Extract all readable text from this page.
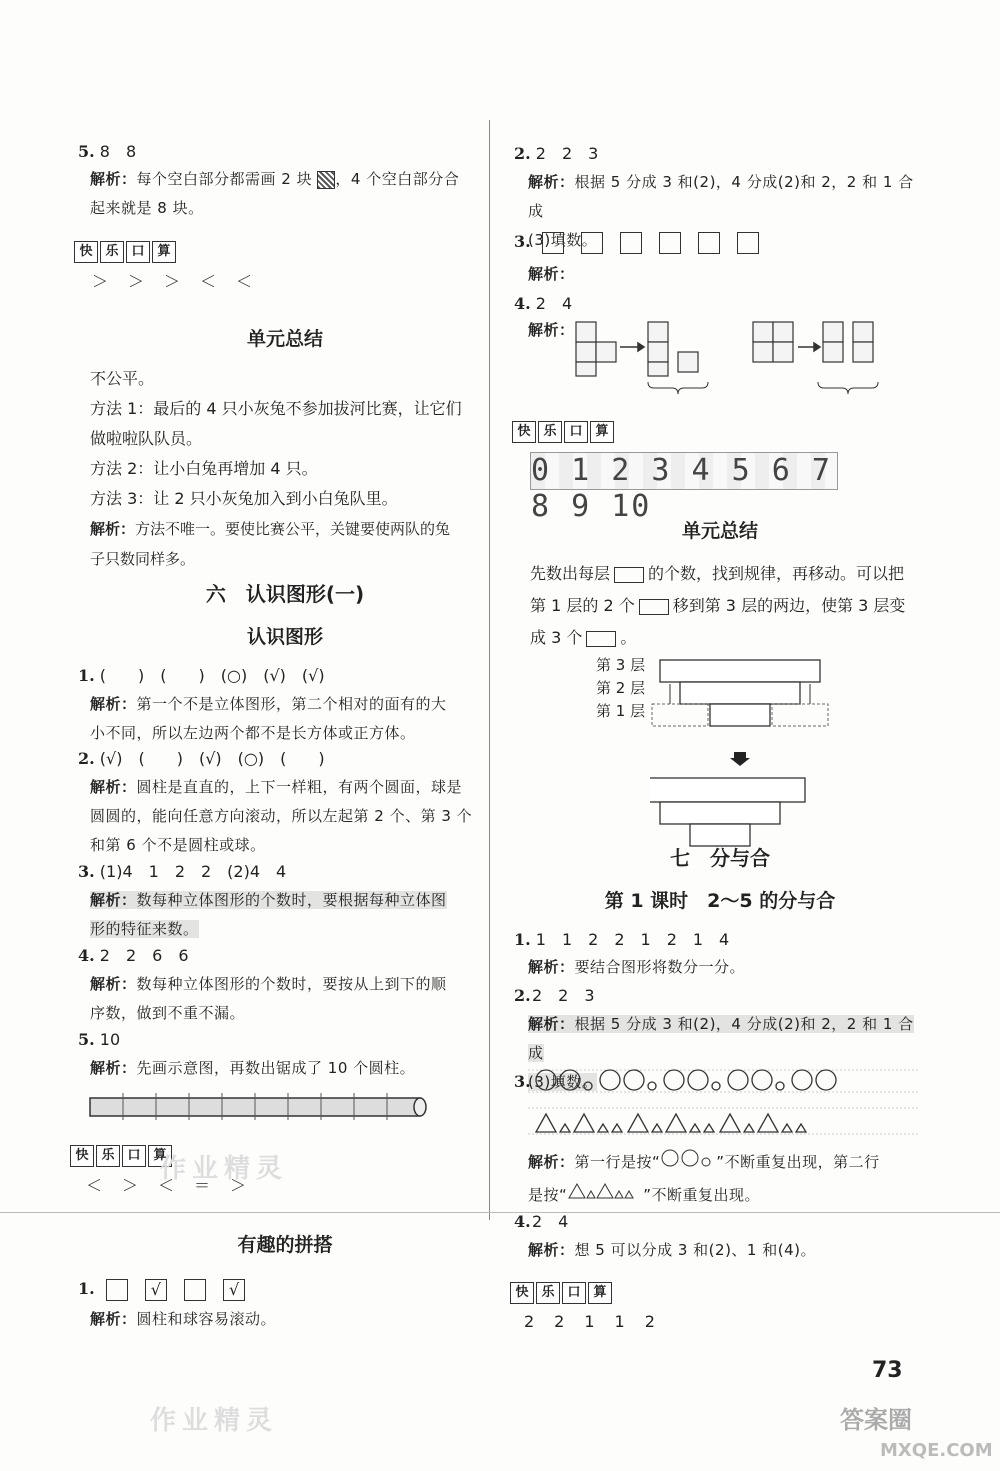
5. 8　8
解析：每个空白部分都需画 2 块 ，4 个空白部分合
起来就是 8 块。
快 乐 口 算
＞　＞　＞　＜　＜
单元总结
不公平。
方法 1：最后的 4 只小灰兔不参加拔河比赛，让它们
做啦啦队队员。
方法 2：让小白兔再增加 4 只。
方法 3：让 2 只小灰兔加入到小白兔队里。
解析：方法不唯一。要使比赛公平，关键要使两队的兔
子只数同样多。
六　认识图形(一)
认识图形
1. (　　)　(　　)　(○)　(√)　(√)
解析：第一个不是立体图形，第二个相对的面有的大
小不同，所以左边两个都不是长方体或正方体。
2. (√)　(　　)　(√)　(○)　(　　)
解析：圆柱是直直的，上下一样粗，有两个圆面，球是
圆圆的，能向任意方向滚动，所以左起第 2 个、第 3 个
和第 6 个不是圆柱或球。
3. (1)4　1　2　2　(2)4　4
解析：数每种立体图形的个数时，要根据每种立体图
形的特征来数。
4. 2　2　6　6
解析：数每种立体图形的个数时，要按从上到下的顺
序数，做到不重不漏。
5. 10
解析：先画示意图，再数出锯成了 10 个圆柱。
快 乐 口 算
作业精灵
＜　＞　＜　＝　＞
有趣的拼搭
1.	√	√
解析：圆柱和球容易滚动。
作业精灵
2. 2　2　3
解析：根据 5 分成 3 和(2)，4 分成(2)和 2，2 和 1 合成
(3)填数。
3.
解析：
4. 2　4
解析：
快 乐 口 算
0 1 2 3 4 5 6 7 8 9 10
单元总结
先数出每层 的个数，找到规律，再移动。可以把
第 1 层的 2 个 移到第 3 层的两边，使第 3 层变
成 3 个 。
第 3 层
第 2 层
第 1 层
七　分与合
第 1 课时　2～5 的分与合
1. 1　1　2　2　1　2　1　4
解析：要结合图形将数分一分。
2. 2　2　3
解析：根据 5 分成 3 和(2)，4 分成(2)和 2，2 和 1 合成
(3)填数。
3.
解析：第一行是按“	”不断重复出现，第二行
是按“	”不断重复出现。
4. 2　4
解析：想 5 可以分成 3 和(2)、1 和(4)。
快 乐 口 算
2　2　1　1　2
73
答案圈
MXQE.COM
